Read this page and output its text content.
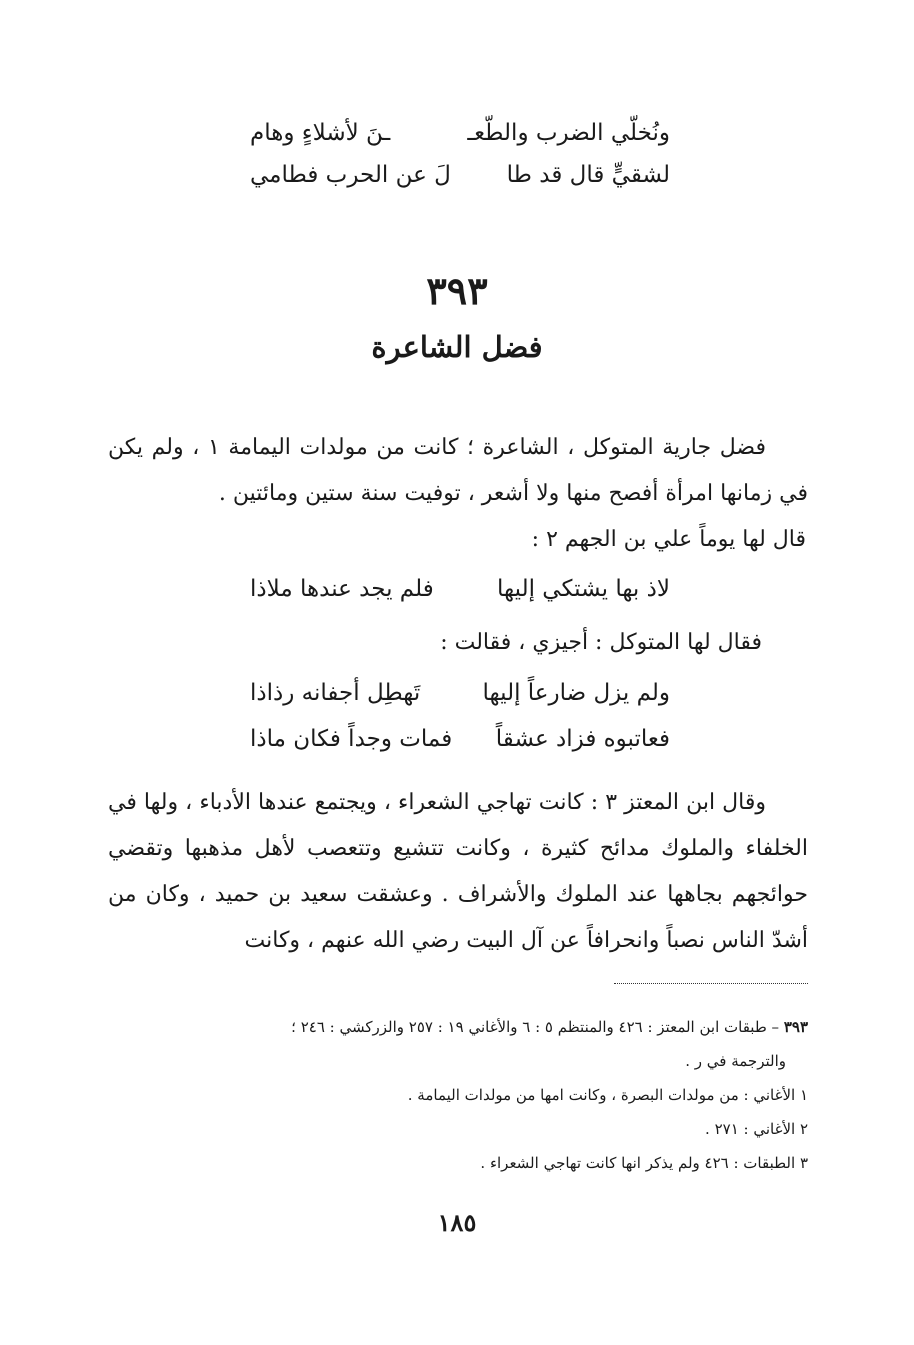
ونُخلّي الضرب والطّعـ
ـنَ لأشلاءٍ وهام
لشقيٍّ قال قد طا
لَ عن الحرب فطامي
٣٩٣
فضل الشاعرة
فضل جارية المتوكل ، الشاعرة ؛ كانت من مولدات اليمامة ١ ، ولم يكن في زمانها امرأة أفصح منها ولا أشعر ، توفيت سنة ستين ومائتين .
قال لها يوماً علي بن الجهم ٢ :
لاذ بها يشتكي إليها
فلم يجد عندها ملاذا
فقال لها المتوكل : أجيزي ، فقالت :
ولم يزل ضارعاً إليها
تَهطِل أجفانه رذاذا
فعاتبوه فزاد عشقاً
فمات وجداً فكان ماذا
وقال ابن المعتز ٣ : كانت تهاجي الشعراء ، ويجتمع عندها الأدباء ، ولها في الخلفاء والملوك مدائح كثيرة ، وكانت تتشيع وتتعصب لأهل مذهبها وتقضي حوائجهم بجاهها عند الملوك والأشراف . وعشقت سعيد بن حميد ، وكان من أشدّ الناس نصباً وانحرافاً عن آل البيت رضي الله عنهم ، وكانت
٣٩٣ – طبقات ابن المعتز : ٤٢٦ والمنتظم ٥ : ٦ والأغاني ١٩ : ٢٥٧ والزركشي : ٢٤٦ ؛
والترجمة في ر .
١ الأغاني : من مولدات البصرة ، وكانت امها من مولدات اليمامة .
٢ الأغاني : ٢٧١ .
٣ الطبقات : ٤٢٦ ولم يذكر انها كانت تهاجي الشعراء .
١٨٥
